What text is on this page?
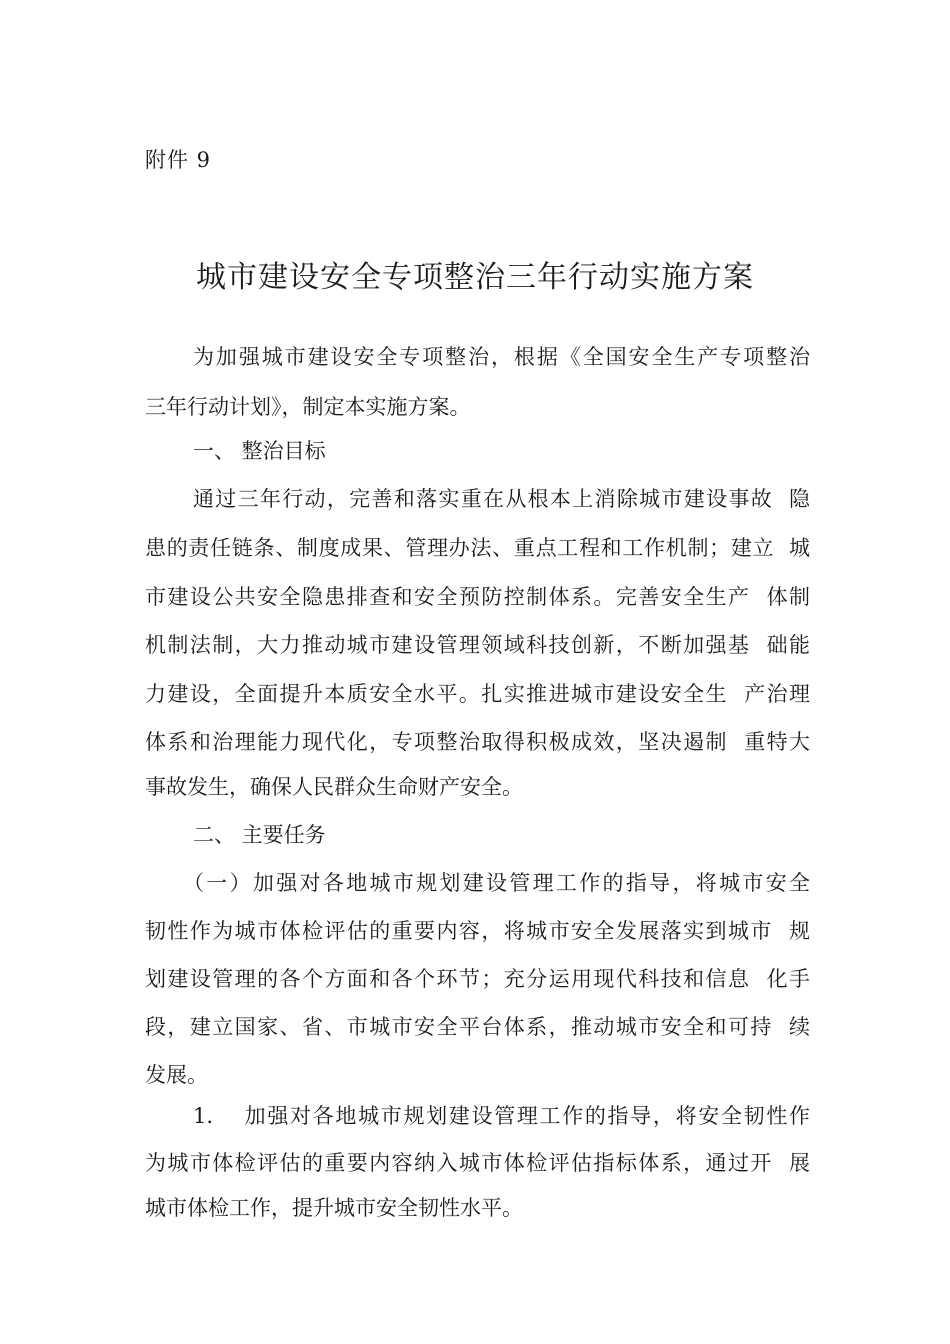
附件 9

城市建设安全专项整治三年行动实施方案

为加强城市建设安全专项整治，根据《全国安全生产专项整治

三年行动计划》，制定本实施方案。

一、 整治目标

通过三年行动，完善和落实重在从根本上消除城市建设事故  隐

患的责任链条、制度成果、管理办法、重点工程和工作机制；建立  城

市建设公共安全隐患排查和安全预防控制体系。完善安全生产  体制

机制法制，大力推动城市建设管理领域科技创新，不断加强基  础能

力建设，全面提升本质安全水平。扎实推进城市建设安全生  产治理

体系和治理能力现代化，专项整治取得积极成效，坚决遏制  重特大

事故发生，确保人民群众生命财产安全。

二、 主要任务

（一）加强对各地城市规划建设管理工作的指导，将城市安全

韧性作为城市体检评估的重要内容，将城市安全发展落实到城市  规

划建设管理的各个方面和各个环节；充分运用现代科技和信息  化手

段，建立国家、省、市城市安全平台体系，推动城市安全和可持  续

发展。

1. 加强对各地城市规划建设管理工作的指导，将安全韧性作

为城市体检评估的重要内容纳入城市体检评估指标体系，通过开  展

城市体检工作，提升城市安全韧性水平。
